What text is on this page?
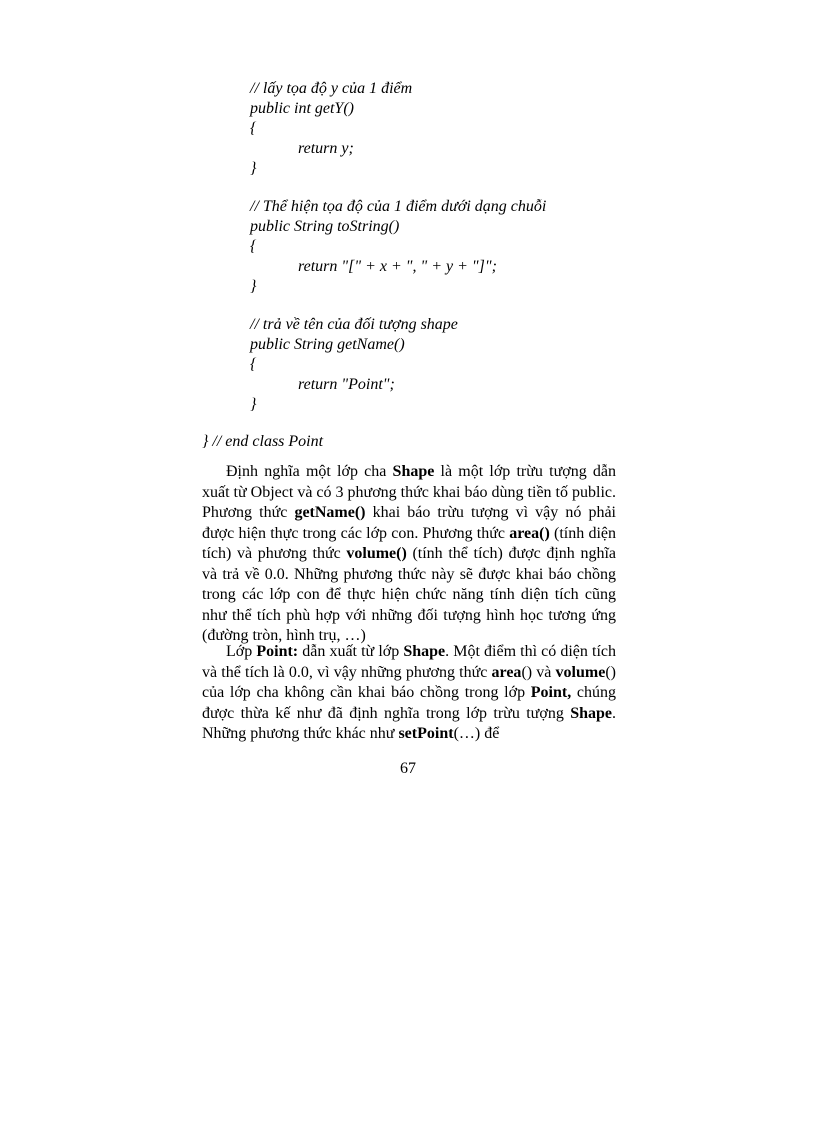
// lấy tọa độ y của 1 điểm
public int getY()
{
return y;
}
// Thể hiện tọa độ của 1 điểm dưới dạng chuỗi
public String toString()
{
return "[" + x + ", " + y + "]";
}
// trả về tên của đối tượng shape
public String getName()
{
return "Point";
}
} // end class Point

Định nghĩa một lớp cha Shape là một lớp trừu tượng dẫn xuất từ Object và có 3 phương thức khai báo dùng tiền tố public. Phương thức getName() khai báo trừu tượng vì vậy nó phải được hiện thực trong các lớp con. Phương thức area() (tính diện tích) và phương thức volume() (tính thể tích) được định nghĩa và trả về 0.0. Những phương thức này sẽ được khai báo chồng trong các lớp con để thực hiện chức năng tính diện tích cũng như thể tích phù hợp với những đối tượng hình học tương ứng (đường tròn, hình trụ, …)

Lớp Point: dẫn xuất từ lớp Shape. Một điểm thì có diện tích và thể tích là 0.0, vì vậy những phương thức area() và volume() của lớp cha không cần khai báo chồng trong lớp Point, chúng được thừa kế như đã định nghĩa trong lớp trừu tượng Shape. Những phương thức khác như setPoint(…) để

67
